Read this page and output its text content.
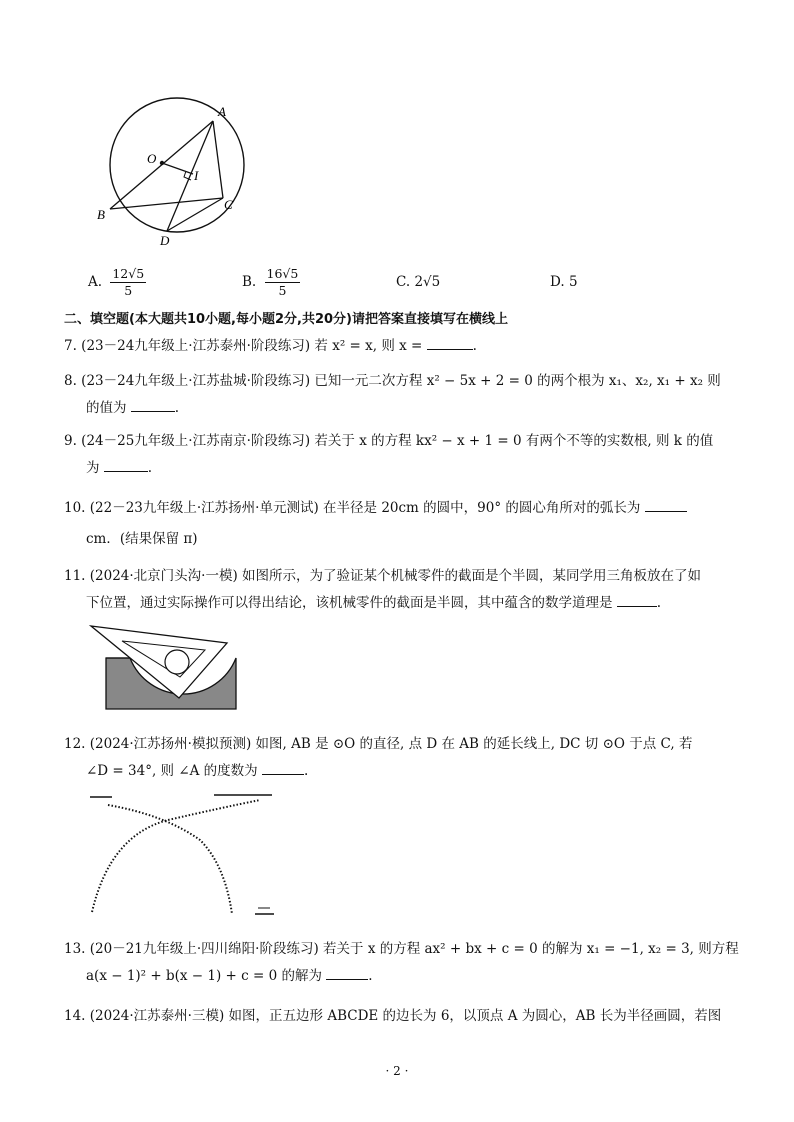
A
O
I
B
C
D
A. $\frac{12√5}{5}$	B. $\frac{16√5}{5}$	C. 2√5	D. 5
二、填空题(本大题共10小题,每小题2分,共20分)请把答案直接填写在横线上
7. (23－24九年级上·江苏泰州·阶段练习) 若 x² = x, 则 x =	.
8. (23－24九年级上·江苏盐城·阶段练习) 已知一元二次方程 x² − 5x + 2 = 0 的两个根为 x₁、x₂, x₁ + x₂ 则
的值为	.
9. (24－25九年级上·江苏南京·阶段练习) 若关于 x 的方程 kx² − x + 1 = 0 有两个不等的实数根, 则 k 的值
为	.
10. (22－23九年级上·江苏扬州·单元测试) 在半径是 20cm 的圆中，90° 的圆心角所对的弧长为
cm．(结果保留 π)
11. (2024·北京门头沟·一模) 如图所示，为了验证某个机械零件的截面是个半圆，某同学用三角板放在了如
下位置，通过实际操作可以得出结论，该机械零件的截面是半圆，其中蕴含的数学道理是	.
12. (2024·江苏扬州·模拟预测) 如图, AB 是 ⊙O 的直径, 点 D 在 AB 的延长线上, DC 切 ⊙O 于点 C, 若
∠D = 34°, 则 ∠A 的度数为	.
13. (20－21九年级上·四川绵阳·阶段练习) 若关于 x 的方程 ax² + bx + c = 0 的解为 x₁ = −1, x₂ = 3, 则方程
a(x − 1)² + b(x − 1) + c = 0 的解为	.
14. (2024·江苏泰州·三模) 如图，正五边形 ABCDE 的边长为 6，以顶点 A 为圆心，AB 长为半径画圆，若图
· 2 ·
